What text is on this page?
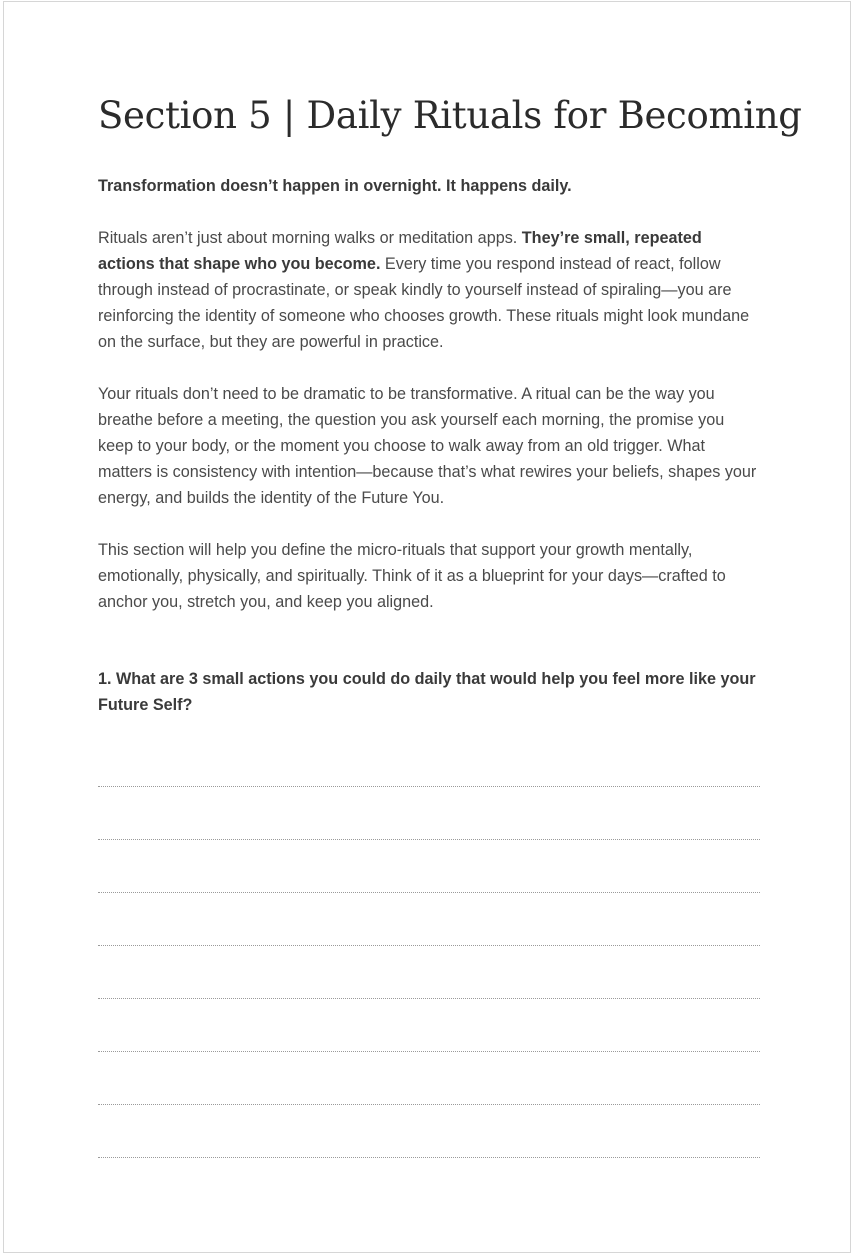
Section 5 | Daily Rituals for Becoming

Transformation doesn’t happen in overnight. It happens daily.

Rituals aren’t just about morning walks or meditation apps. They’re small, repeated actions that shape who you become. Every time you respond instead of react, follow through instead of procrastinate, or speak kindly to yourself instead of spiraling—you are reinforcing the identity of someone who chooses growth. These rituals might look mundane on the surface, but they are powerful in practice.

Your rituals don’t need to be dramatic to be transformative. A ritual can be the way you breathe before a meeting, the question you ask yourself each morning, the promise you keep to your body, or the moment you choose to walk away from an old trigger. What matters is consistency with intention—because that’s what rewires your beliefs, shapes your energy, and builds the identity of the Future You.

This section will help you define the micro-rituals that support your growth mentally, emotionally, physically, and spiritually. Think of it as a blueprint for your days—crafted to anchor you, stretch you, and keep you aligned.

1. What are 3 small actions you could do daily that would help you feel more like your Future Self?
